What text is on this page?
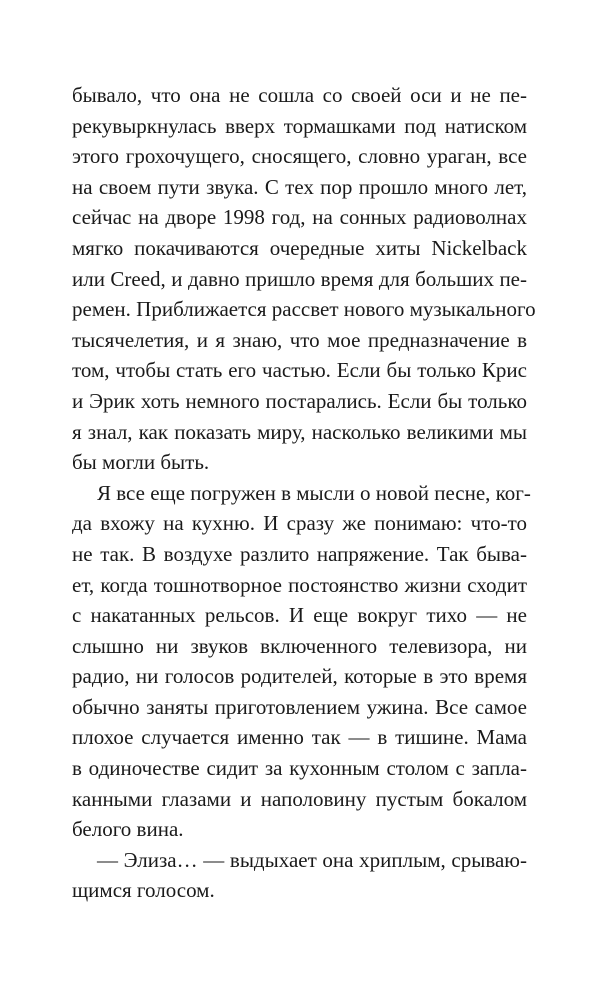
бывало, что она не сошла со своей оси и не пе-
рекувыркнулась вверх тормашками под натиском
этого грохочущего, сносящего, словно ураган, все
на своем пути звука. С тех пор прошло много лет,
сейчас на дворе 1998 год, на сонных радиоволнах
мягко покачиваются очередные хиты Nickelback
или Creed, и давно пришло время для больших пе-
ремен. Приближается рассвет нового музыкального
тысячелетия, и я знаю, что мое предназначение в
том, чтобы стать его частью. Если бы только Крис
и Эрик хоть немного постарались. Если бы только
я знал, как показать миру, насколько великими мы
бы могли быть.
Я все еще погружен в мысли о новой песне, ког-
да вхожу на кухню. И сразу же понимаю: что-то
не так. В воздухе разлито напряжение. Так быва-
ет, когда тошнотворное постоянство жизни сходит
с накатанных рельсов. И еще вокруг тихо — не
слышно ни звуков включенного телевизора, ни
радио, ни голосов родителей, которые в это время
обычно заняты приготовлением ужина. Все самое
плохое случается именно так — в тишине. Мама
в одиночестве сидит за кухонным столом с запла-
канными глазами и наполовину пустым бокалом
белого вина.
— Элиза… — выдыхает она хриплым, срываю-
щимся голосом.
